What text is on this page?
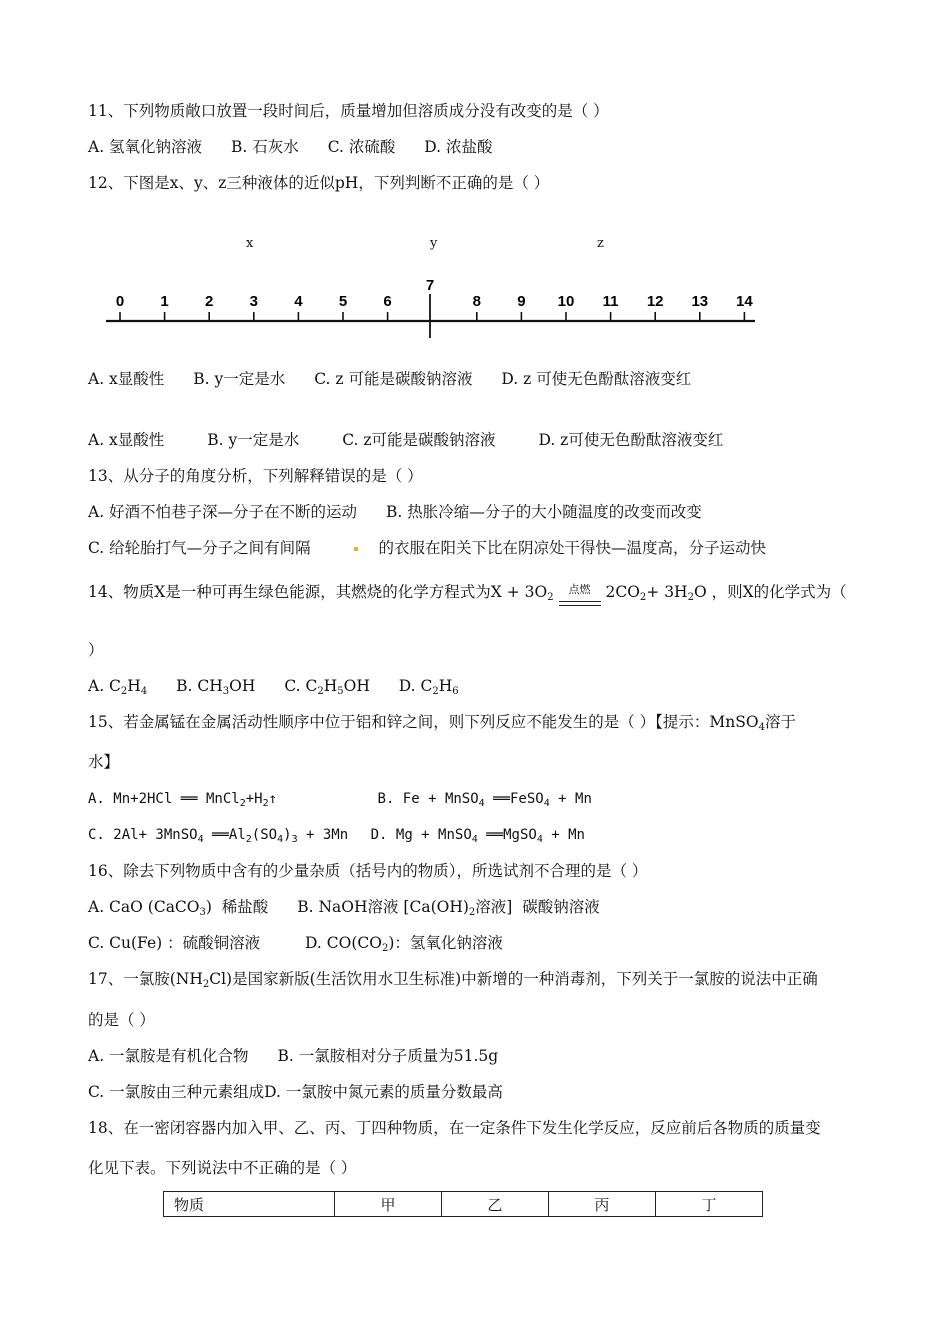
11、下列物质敞口放置一段时间后，质量增加但溶质成分没有改变的是（ ）
A. 氢氧化钠溶液 B. 石灰水 C. 浓硫酸 D. 浓盐酸
12、下图是x、y、z三种液体的近似pH，下列判断不正确的是（ ）
x	y	z
0 1 2 3 4 5 6
7
8 9 10 11 12 13 14
A. x显酸性 B. y一定是水 C. z 可能是碳酸钠溶液 D. z 可使无色酚酞溶液变红
A. x显酸性	B. y一定是水	C. z可能是碳酸钠溶液	D. z可使无色酚酞溶液变红
13、从分子的角度分析，下列解释错误的是（ ）
A. 好酒不怕巷子深—分子在不断的运动 B. 热胀冷缩—分子的大小随温度的改变而改变
C. 给轮胎打气—分子之间有间隔	的衣服在阳关下比在阴凉处干得快—温度高，分子运动快
14、物质X是一种可再生绿色能源，其燃烧的化学方程式为$X + 3O_2$ 点燃 $2CO_2+ 3H_2O$ ，则X的化学式为（
）
A. $C_2H_4$ B. $CH_3OH$ C. $C_2H_5OH$ D. $C_2H_6$
15、若金属锰在金属活动性顺序中位于铝和锌之间，则下列反应不能发生的是（ ）【提示：MnSO$_4$溶于
水】
A. Mn+2HCl ══ $MnCl_2+H_2↑$	B. Fe + MnSO$_4$ ══FeSO$_4$ + Mn
C. 2Al+ 3MnSO$_4$ $══Al_2(SO_4)_3 + 3Mn$ D. Mg + MnSO$_4$ ══MgSO$_4$ + Mn
16、除去下列物质中含有的少量杂质（括号内的物质），所选试剂不合理的是（ ）
A. CaO (CaCO$_3$)  稀盐酸 B. NaOH溶液 [$Ca(OH)_2$溶液]  碳酸钠溶液
C. Cu(Fe) ：硫酸铜溶液	D. $CO(CO_2)$：氢氧化钠溶液
17、一氯胺$(NH_2Cl)$是国家新版(生活饮用水卫生标准)中新增的一种消毒剂，下列关于一氯胺的说法中正确
的是（ ）
A. 一氯胺是有机化合物 B. 一氯胺相对分子质量为51.5g
C. 一氯胺由三种元素组成D. 一氯胺中氮元素的质量分数最高
18、在一密闭容器内加入甲、乙、丙、丁四种物质，在一定条件下发生化学反应，反应前后各物质的质量变
化见下表。下列说法中不正确的是（ ）
物质	甲	乙	丙	丁
